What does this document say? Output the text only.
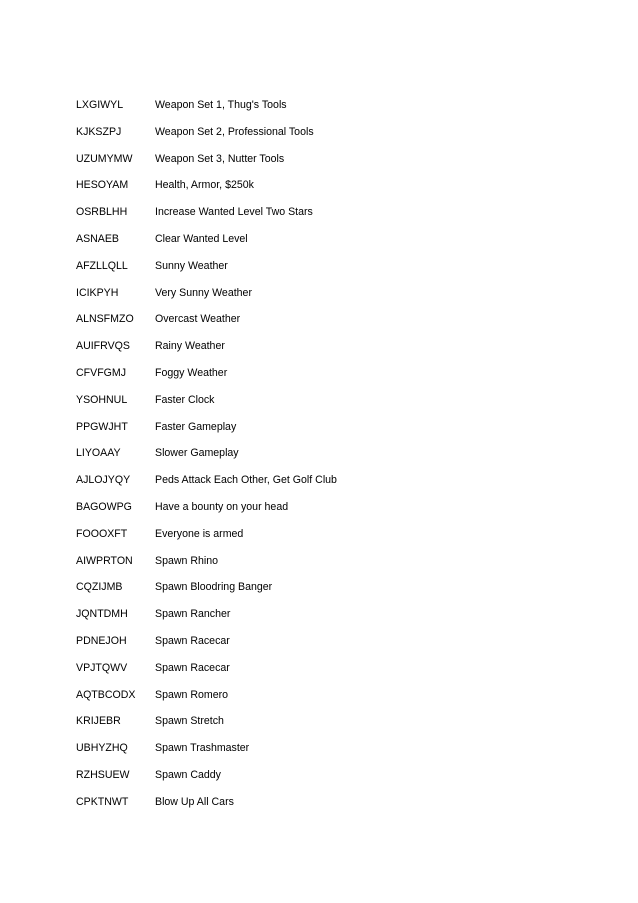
LXGIWYL	Weapon Set 1, Thug's Tools
KJKSZPJ	Weapon Set 2, Professional Tools
UZUMYMW	Weapon Set 3, Nutter Tools
HESOYAM	Health, Armor, $250k
OSRBLHH	Increase Wanted Level Two Stars
ASNAEB	Clear Wanted Level
AFZLLQLL	Sunny Weather
ICIKPYH	Very Sunny Weather
ALNSFMZO	Overcast Weather
AUIFRVQS	Rainy Weather
CFVFGMJ	Foggy Weather
YSOHNUL	Faster Clock
PPGWJHT	Faster Gameplay
LIYOAAY	Slower Gameplay
AJLOJYQY	Peds Attack Each Other, Get Golf Club
BAGOWPG	Have a bounty on your head
FOOOXFT	Everyone is armed
AIWPRTON	Spawn Rhino
CQZIJMB	Spawn Bloodring Banger
JQNTDMH	Spawn Rancher
PDNEJOH	Spawn Racecar
VPJTQWV	Spawn Racecar
AQTBCODX	Spawn Romero
KRIJEBR	Spawn Stretch
UBHYZHQ	Spawn Trashmaster
RZHSUEW	Spawn Caddy
CPKTNWT	Blow Up All Cars
